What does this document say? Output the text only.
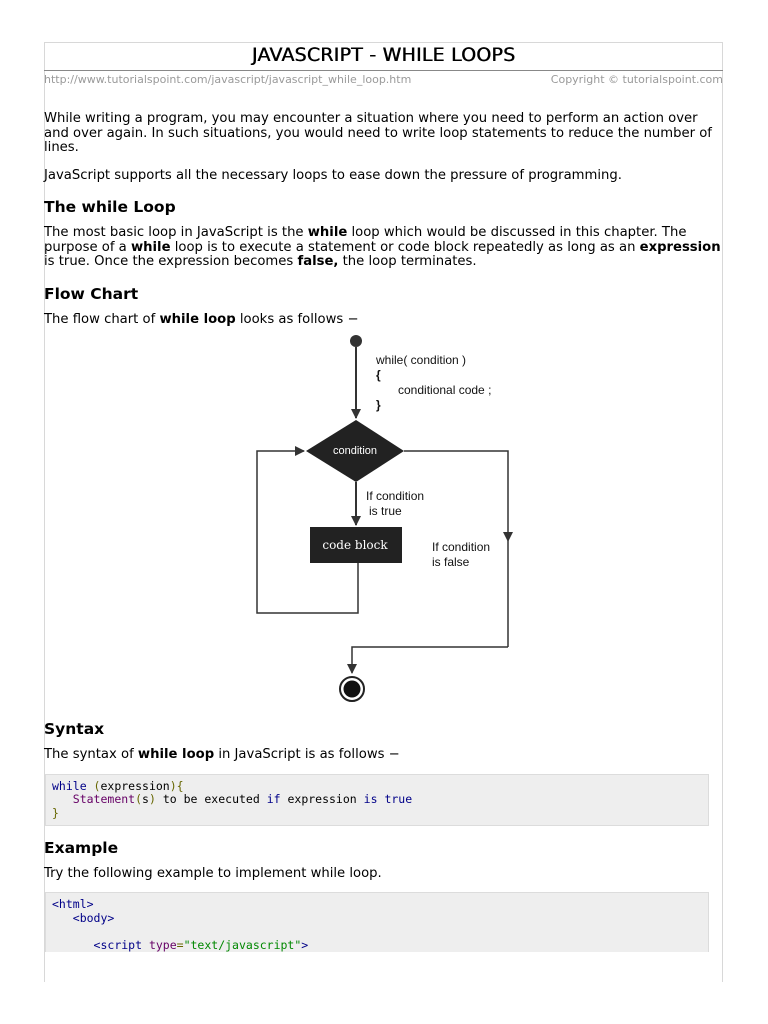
JAVASCRIPT - WHILE LOOPS
http://www.tutorialspoint.com/javascript/javascript_while_loop.htm	Copyright © tutorialspoint.com

While writing a program, you may encounter a situation where you need to perform an action over and over again. In such situations, you would need to write loop statements to reduce the number of lines.

JavaScript supports all the necessary loops to ease down the pressure of programming.

The while Loop

The most basic loop in JavaScript is the while loop which would be discussed in this chapter. The purpose of a while loop is to execute a statement or code block repeatedly as long as an expression is true. Once the expression becomes false, the loop terminates.

Flow Chart

The flow chart of while loop looks as follows −

while( condition )
{
conditional code ;
}
condition
If condition
is true
code block	If condition
is false
Syntax

The syntax of while loop in JavaScript is as follows −

while (expression){
Statement(s) to be executed if expression is true
}
Example

Try the following example to implement while loop.

<html>
<body>

<script type="text/javascript">
